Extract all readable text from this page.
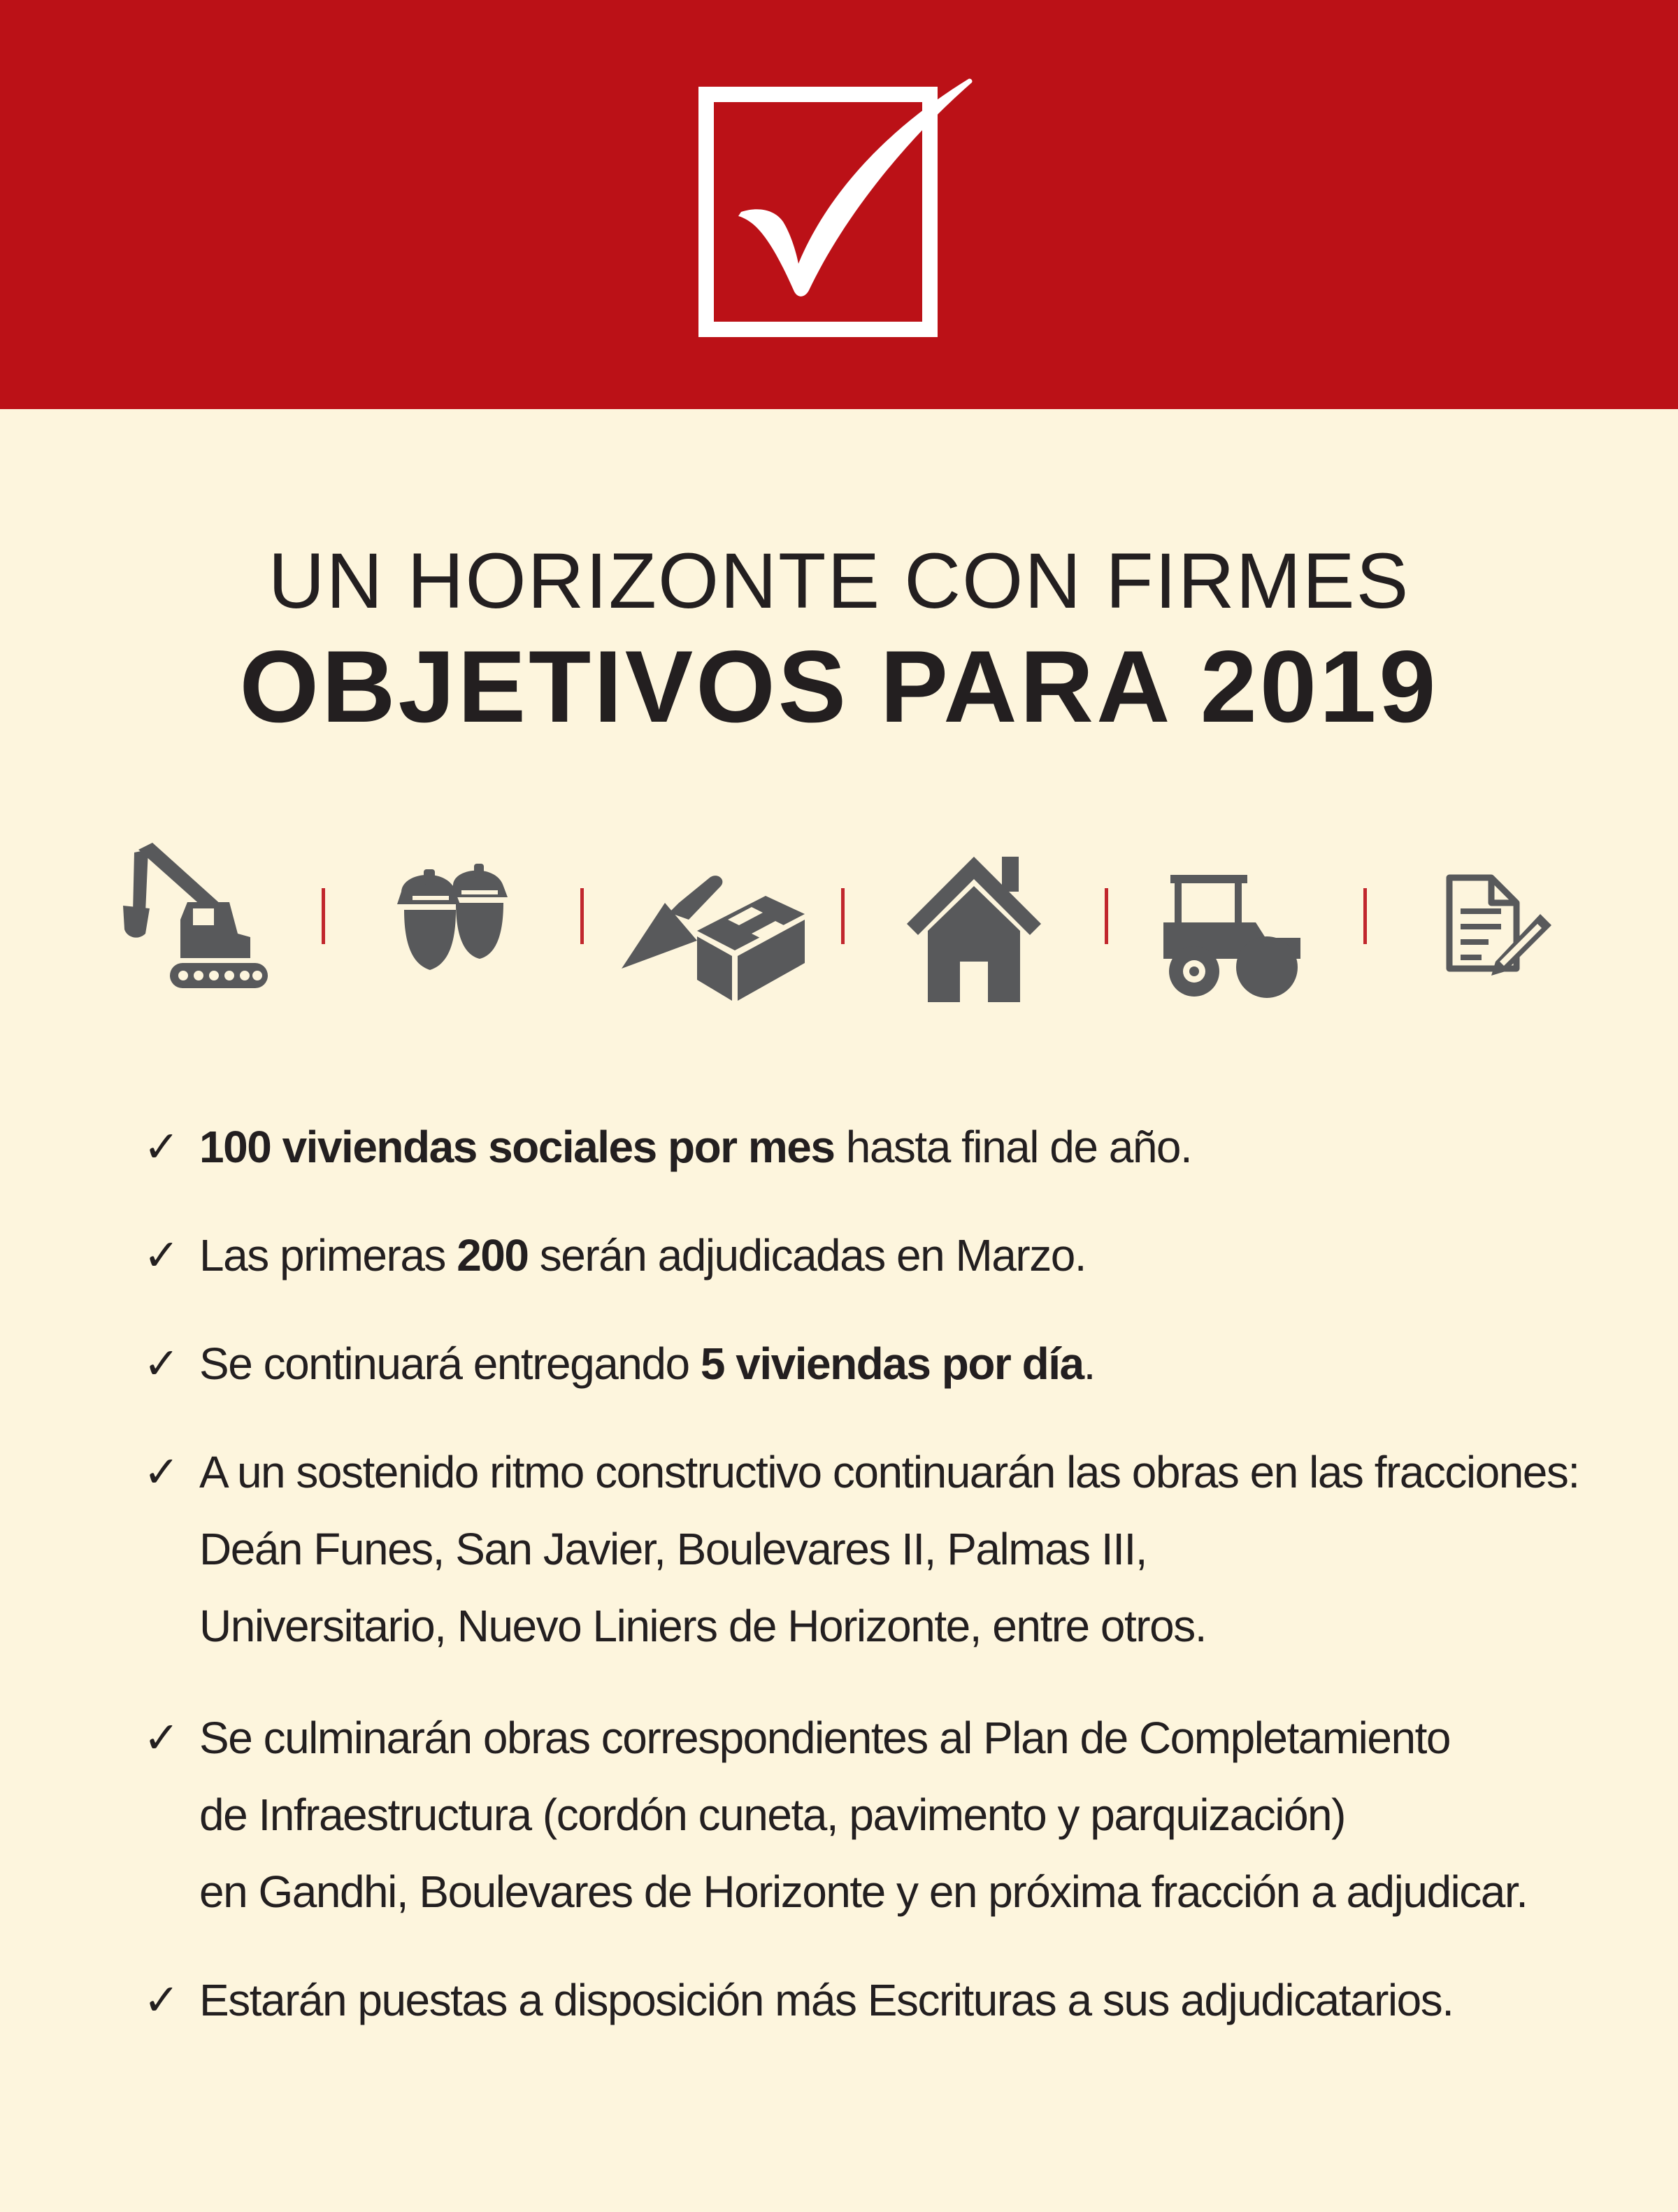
UN HORIZONTE CON FIRMES
OBJETIVOS PARA 2019
✓ 100 viviendas sociales por mes hasta final de año.
✓ Las primeras 200 serán adjudicadas en Marzo.
✓ Se continuará entregando 5 viviendas por día.
✓ A un sostenido ritmo constructivo continuarán las obras en las fracciones:
Deán Funes, San Javier, Boulevares II, Palmas III,
Universitario, Nuevo Liniers de Horizonte, entre otros.
✓ Se culminarán obras correspondientes al Plan de Completamiento
de Infraestructura (cordón cuneta, pavimento y parquización)
en Gandhi, Boulevares de Horizonte y en próxima fracción a adjudicar.
✓ Estarán puestas a disposición más Escrituras a sus adjudicatarios.
